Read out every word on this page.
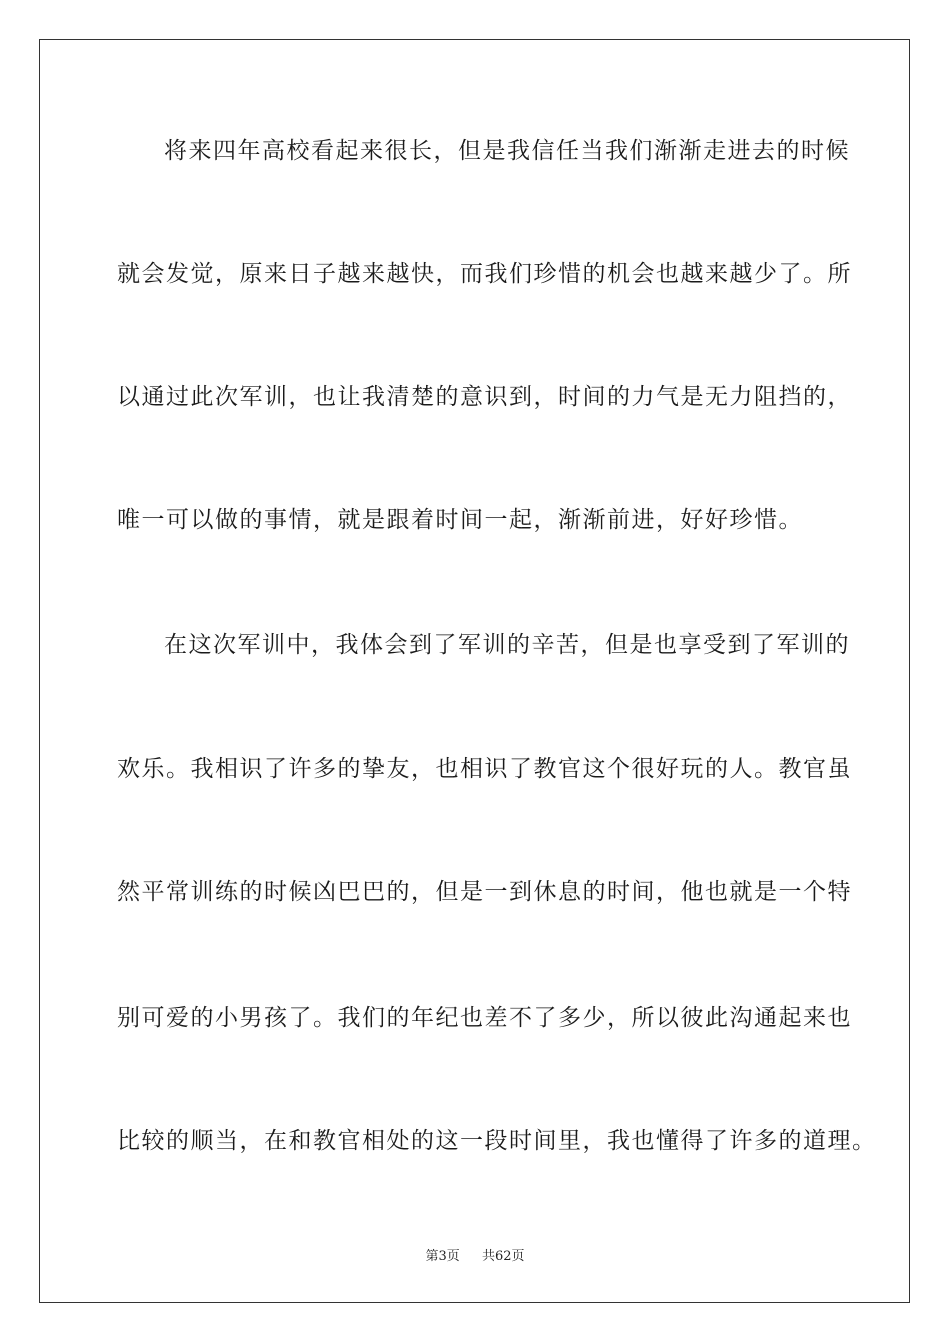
将来四年高校看起来很长，但是我信任当我们渐渐走进去的时候
就会发觉，原来日子越来越快，而我们珍惜的机会也越来越少了。所
以通过此次军训，也让我清楚的意识到，时间的力气是无力阻挡的，
唯一可以做的事情，就是跟着时间一起，渐渐前进，好好珍惜。
在这次军训中，我体会到了军训的辛苦，但是也享受到了军训的
欢乐。我相识了许多的挚友，也相识了教官这个很好玩的人。教官虽
然平常训练的时候凶巴巴的，但是一到休息的时间，他也就是一个特
别可爱的小男孩了。我们的年纪也差不了多少，所以彼此沟通起来也
比较的顺当，在和教官相处的这一段时间里，我也懂得了许多的道理。
第3页 共62页
